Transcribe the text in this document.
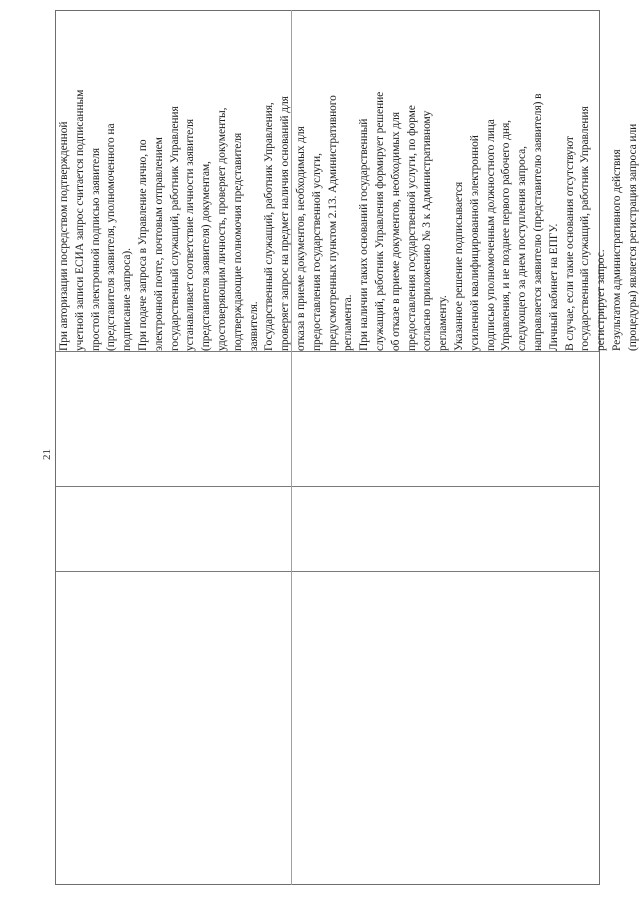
21

При авторизации посредством подтвержденной учетной записи ЕСИА запрос считается подписанным простой электронной подписью заявителя (представителя заявителя, уполномоченного на подписание запроса). При подаче запроса в Управление лично, по электронной почте, почтовым отправлением государственный служащий, работник Управления устанавливает соответствие личности заявителя (представителя заявителя) документам, удостоверяющим личность, проверяет документы, подтверждающие полномочия представителя заявителя. Государственный служащий, работник Управления, проверяет запрос на предмет наличия оснований для отказа в приеме документов, необходимых для предоставления государственной услуги, предусмотренных пунктом 2.13. Административного регламента. При наличии таких оснований государственный служащий, работник Управления формирует решение об отказе в приеме документов, необходимых для предоставления государственной услуги, по форме согласно приложению № 3 к Административному регламенту. Указанное решение подписывается усиленной квалифицированной электронной подписью уполномоченным должностного лица Управления, и не позднее первого рабочего дня, следующего за днем поступления запроса, направляется заявителю (представителю заявителя) в Личный кабинет на ЕПГУ. В случае, если такие основания отсутствуют государственный служащий, работник Управления регистрирует запрос. Результатом административного действия (процедуры) является регистрация запроса или
